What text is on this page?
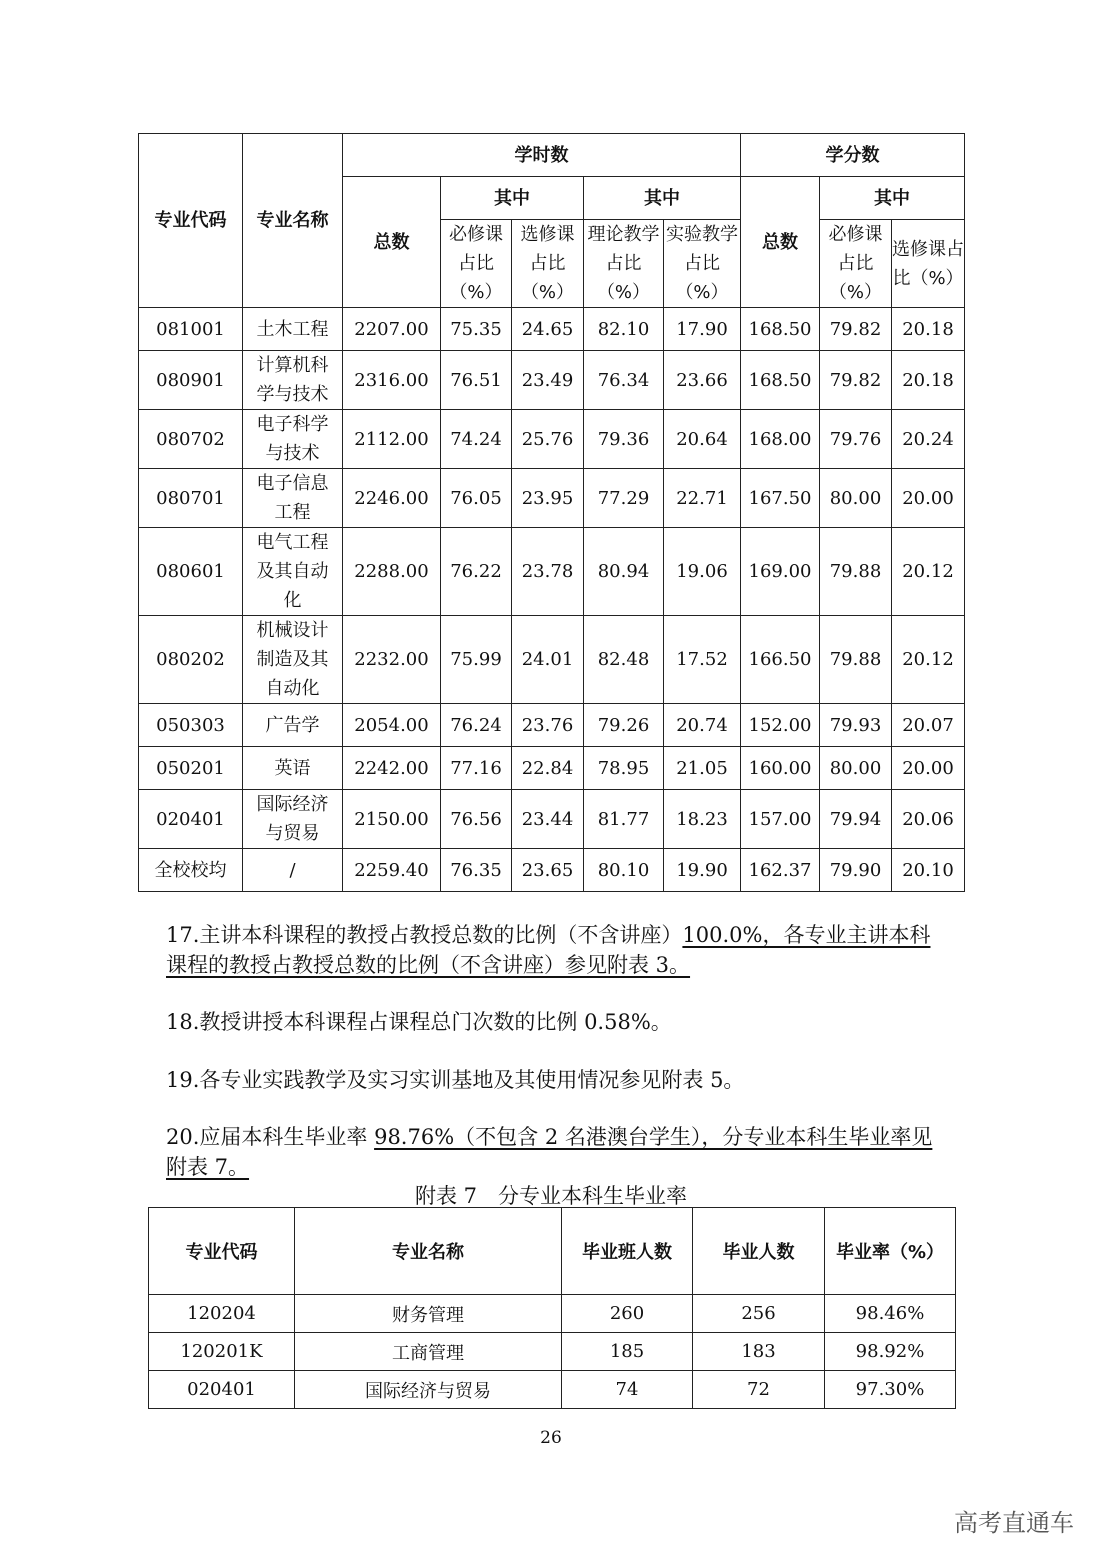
专业代码	专业名称	学时数					学分数		
		总数	其中		其中		总数	其中	
			必修课占比（%）	选修课占比（%）	理论教学占比（%）	实验教学占比（%）		必修课占比（%）	选修课占比（%）
081001	土木工程	2207.00	75.35	24.65	82.10	17.90	168.50	79.82	20.18
080901	计算机科学与技术	2316.00	76.51	23.49	76.34	23.66	168.50	79.82	20.18
080702	电子科学与技术	2112.00	74.24	25.76	79.36	20.64	168.00	79.76	20.24
080701	电子信息工程	2246.00	76.05	23.95	77.29	22.71	167.50	80.00	20.00
080601	电气工程及其自动化	2288.00	76.22	23.78	80.94	19.06	169.00	79.88	20.12
080202	机械设计制造及其自动化	2232.00	75.99	24.01	82.48	17.52	166.50	79.88	20.12
050303	广告学	2054.00	76.24	23.76	79.26	20.74	152.00	79.93	20.07
050201	英语	2242.00	77.16	22.84	78.95	21.05	160.00	80.00	20.00
020401	国际经济与贸易	2150.00	76.56	23.44	81.77	18.23	157.00	79.94	20.06
全校校均	/	2259.40	76.35	23.65	80.10	19.90	162.37	79.90	20.10

17.主讲本科课程的教授占教授总数的比例（不含讲座）100.0%，各专业主讲本科课程的教授占教授总数的比例（不含讲座）参见附表 3。

18.教授讲授本科课程占课程总门次数的比例 0.58%。

19.各专业实践教学及实习实训基地及其使用情况参见附表 5。

20.应届本科生毕业率 98.76%（不包含 2 名港澳台学生），分专业本科生毕业率见附表 7。

附表 7　分专业本科生毕业率
专业代码	专业名称	毕业班人数	毕业人数	毕业率（%）
120204	财务管理	260	256	98.46%
120201K	工商管理	185	183	98.92%
020401	国际经济与贸易	74	72	97.30%
26
高考直通车
